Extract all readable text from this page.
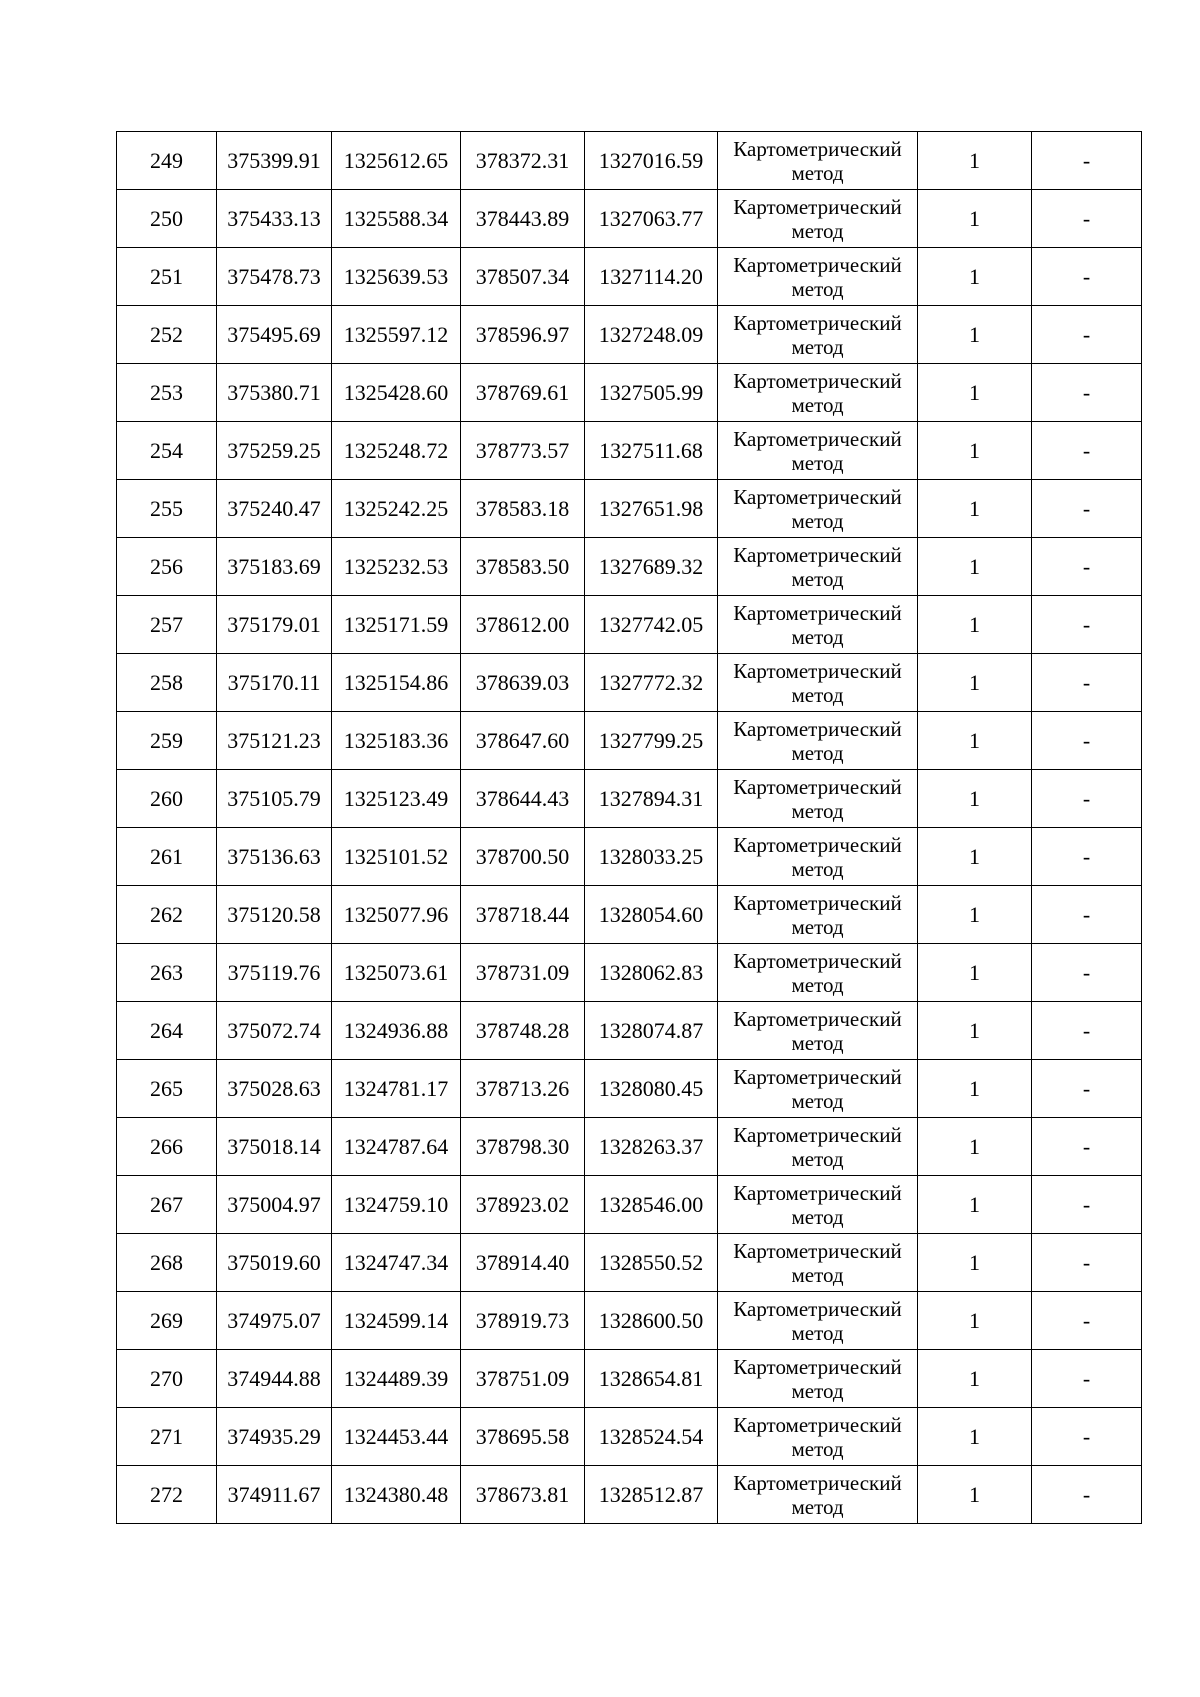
249	375399.91	1325612.65	378372.31	1327016.59	Картометрический метод	1	-
250	375433.13	1325588.34	378443.89	1327063.77	Картометрический метод	1	-
251	375478.73	1325639.53	378507.34	1327114.20	Картометрический метод	1	-
252	375495.69	1325597.12	378596.97	1327248.09	Картометрический метод	1	-
253	375380.71	1325428.60	378769.61	1327505.99	Картометрический метод	1	-
254	375259.25	1325248.72	378773.57	1327511.68	Картометрический метод	1	-
255	375240.47	1325242.25	378583.18	1327651.98	Картометрический метод	1	-
256	375183.69	1325232.53	378583.50	1327689.32	Картометрический метод	1	-
257	375179.01	1325171.59	378612.00	1327742.05	Картометрический метод	1	-
258	375170.11	1325154.86	378639.03	1327772.32	Картометрический метод	1	-
259	375121.23	1325183.36	378647.60	1327799.25	Картометрический метод	1	-
260	375105.79	1325123.49	378644.43	1327894.31	Картометрический метод	1	-
261	375136.63	1325101.52	378700.50	1328033.25	Картометрический метод	1	-
262	375120.58	1325077.96	378718.44	1328054.60	Картометрический метод	1	-
263	375119.76	1325073.61	378731.09	1328062.83	Картометрический метод	1	-
264	375072.74	1324936.88	378748.28	1328074.87	Картометрический метод	1	-
265	375028.63	1324781.17	378713.26	1328080.45	Картометрический метод	1	-
266	375018.14	1324787.64	378798.30	1328263.37	Картометрический метод	1	-
267	375004.97	1324759.10	378923.02	1328546.00	Картометрический метод	1	-
268	375019.60	1324747.34	378914.40	1328550.52	Картометрический метод	1	-
269	374975.07	1324599.14	378919.73	1328600.50	Картометрический метод	1	-
270	374944.88	1324489.39	378751.09	1328654.81	Картометрический метод	1	-
271	374935.29	1324453.44	378695.58	1328524.54	Картометрический метод	1	-
272	374911.67	1324380.48	378673.81	1328512.87	Картометрический метод	1	-
